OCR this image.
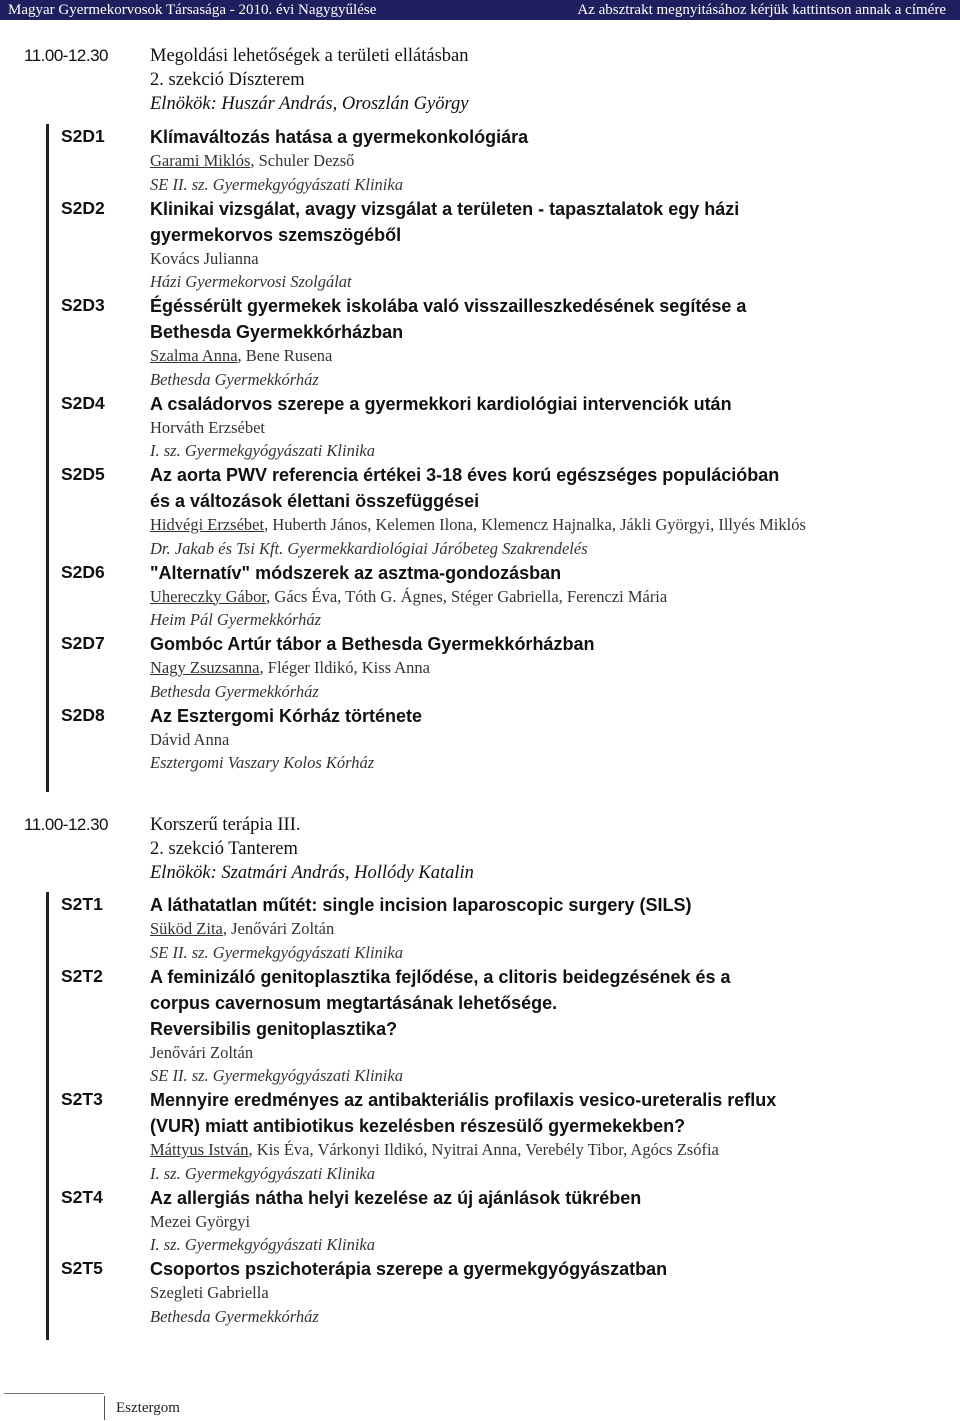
Magyar Gyermekorvosok Társasága - 2010. évi Nagygyűlése	Az absztrakt megnyitásához kérjük kattintson annak a címére
11.00-12.30 Megoldási lehetőségek a területi ellátásban
2. szekció Díszterem
Elnökök: Huszár András, Oroszlán György
S2D1	Klímaváltozás hatása a gyermekonkológiára
Garami Miklós, Schuler Dezső
SE II. sz. Gyermekgyógyászati Klinika
S2D2	Klinikai vizsgálat, avagy vizsgálat a területen - tapasztalatok egy házi
gyermekorvos szemszögéből
Kovács Julianna
Házi Gyermekorvosi Szolgálat
S2D3	Égéssérült gyermekek iskolába való visszailleszkedésének segítése a
Bethesda Gyermekkórházban
Szalma Anna, Bene Rusena
Bethesda Gyermekkórház
S2D4	A családorvos szerepe a gyermekkori kardiológiai intervenciók után
Horváth Erzsébet
I. sz. Gyermekgyógyászati Klinika
S2D5	Az aorta PWV referencia értékei 3-18 éves korú egészséges populációban
és a változások élettani összefüggései
Hidvégi Erzsébet, Huberth János, Kelemen Ilona, Klemencz Hajnalka, Jákli Györgyi, Illyés Miklós
Dr. Jakab és Tsi Kft. Gyermekkardiológiai Járóbeteg Szakrendelés
S2D6	"Alternatív" módszerek az asztma-gondozásban
Uhereczky Gábor, Gács Éva, Tóth G. Ágnes, Stéger Gabriella, Ferenczi Mária
Heim Pál Gyermekkórház
S2D7	Gombóc Artúr tábor a Bethesda Gyermekkórházban
Nagy Zsuzsanna, Fléger Ildikó, Kiss Anna
Bethesda Gyermekkórház
S2D8	Az Esztergomi Kórház története
Dávid Anna
Esztergomi Vaszary Kolos Kórház
11.00-12.30 Korszerű terápia III.
2. szekció Tanterem
Elnökök: Szatmári András, Hollódy Katalin
S2T1	A láthatatlan műtét: single incision laparoscopic surgery (SILS)
Süköd Zita, Jenővári Zoltán
SE II. sz. Gyermekgyógyászati Klinika
S2T2	A feminizáló genitoplasztika fejlődése, a clitoris beidegzésének és a
corpus cavernosum megtartásának lehetősége.
Reversibilis genitoplasztika?
Jenővári Zoltán
SE II. sz. Gyermekgyógyászati Klinika
S2T3	Mennyire eredményes az antibakteriális profilaxis vesico-ureteralis reflux
(VUR) miatt antibiotikus kezelésben részesülő gyermekekben?
Máttyus István, Kis Éva, Várkonyi Ildikó, Nyitrai Anna, Verebély Tibor, Agócs Zsófia
I. sz. Gyermekgyógyászati Klinika
S2T4	Az allergiás nátha helyi kezelése az új ajánlások tükrében
Mezei Györgyi
I. sz. Gyermekgyógyászati Klinika
S2T5	Csoportos pszichoterápia szerepe a gyermekgyógyászatban
Szegleti Gabriella
Bethesda Gyermekkórház
Esztergom
